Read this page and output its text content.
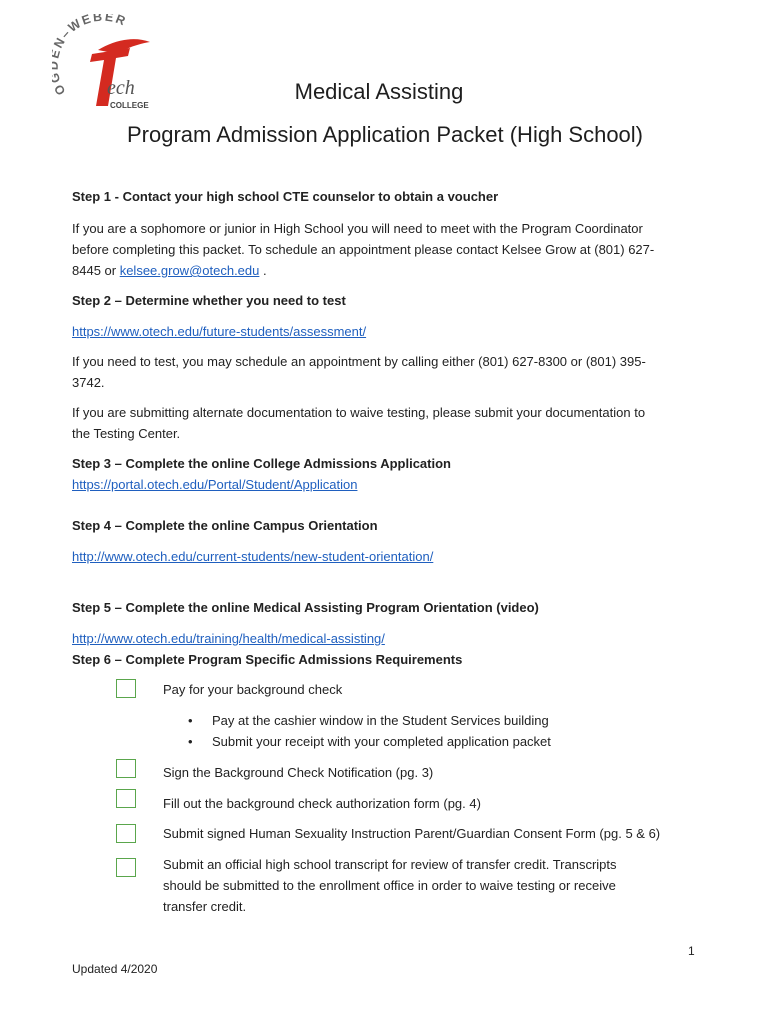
O N–WEBER
ech
COLLEGE
Medical Assisting
Program Admission Application Packet (High School)
Step 1 - Contact your high school CTE counselor to obtain a voucher
If you are a sophomore or junior in High School you will need to meet with the Program Coordinator
before completing this packet. To schedule an appointment please contact Kelsee Grow at (801) 627-
8445 or kelsee.grow@otech.edu .
Step 2 – Determine whether you need to test
https://www.otech.edu/future-students/assessment/
If you need to test, you may schedule an appointment by calling either (801) 627-8300 or (801) 395-
3742.
If you are submitting alternate documentation to waive testing, please submit your documentation to
the Testing Center.
Step 3 – Complete the online College Admissions Application
https://portal.otech.edu/Portal/Student/Application
Step 4 – Complete the online Campus Orientation
http://www.otech.edu/current-students/new-student-orientation/
Step 5 – Complete the online Medical Assisting Program Orientation (video)
http://www.otech.edu/training/health/medical-assisting/
Step 6 – Complete Program Specific Admissions Requirements
Pay for your background check
• Pay at the cashier window in the Student Services building
• Submit your receipt with your completed application packet
Sign the Background Check Notification (pg. 3)
Fill out the background check authorization form (pg. 4)
Submit signed Human Sexuality Instruction Parent/Guardian Consent Form (pg. 5 & 6)
Submit an official high school transcript for review of transfer credit. Transcripts
should be submitted to the enrollment office in order to waive testing or receive
transfer credit.
1
Updated 4/2020
